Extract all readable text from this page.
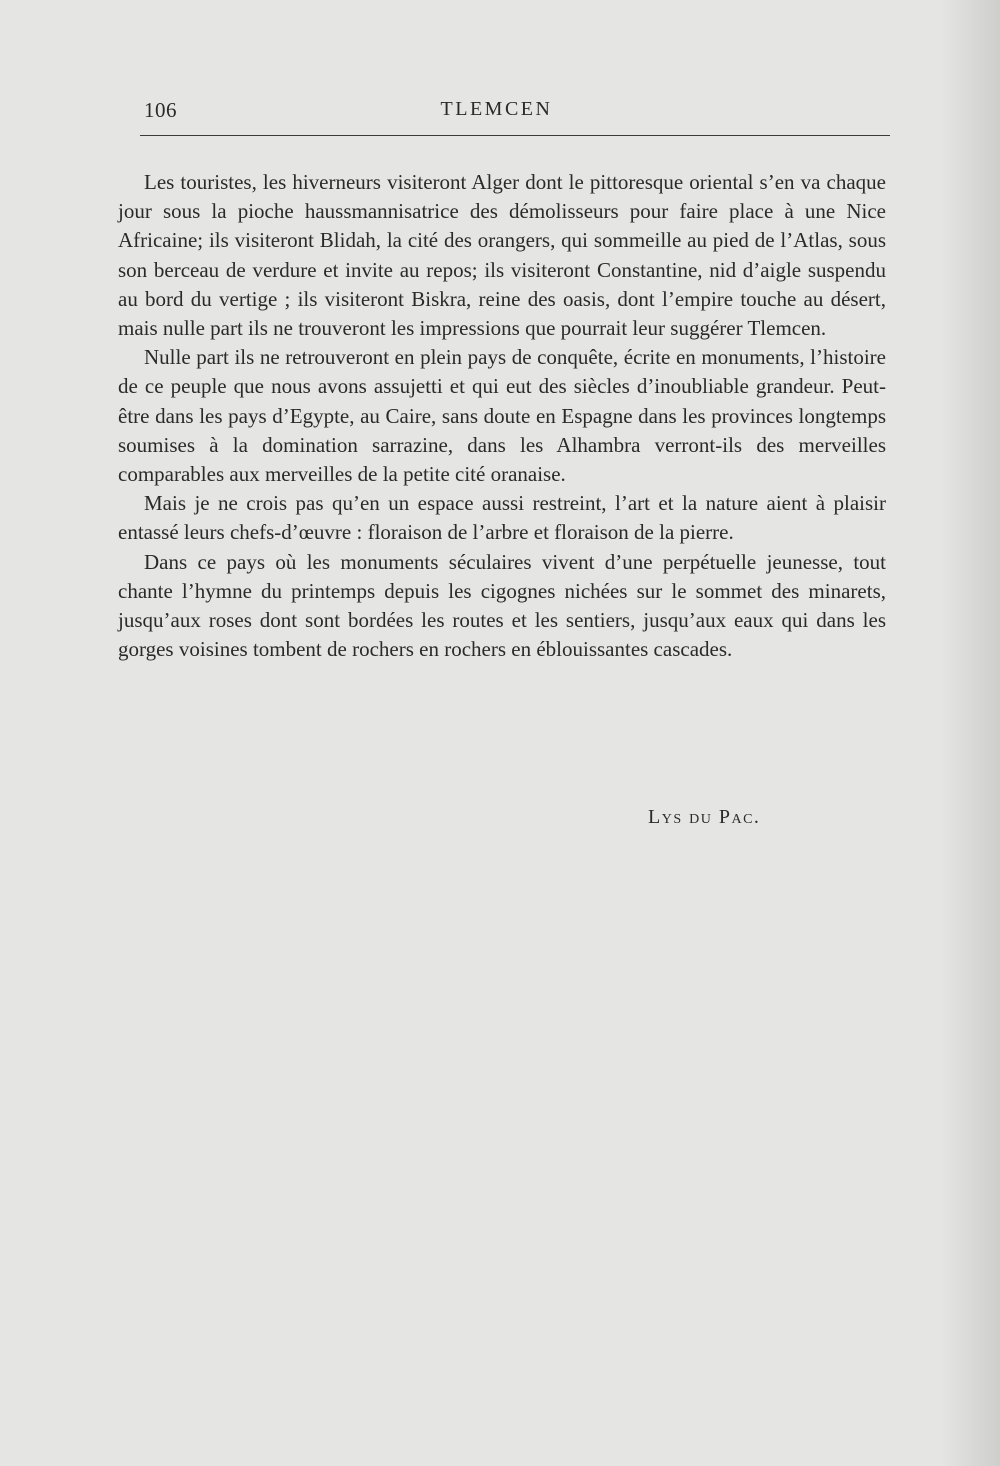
106	TLEMCEN

Les touristes, les hiverneurs visiteront Alger dont le pittoresque oriental s’en va chaque jour sous la pioche haussmannisatrice des démolisseurs pour faire place à une Nice Africaine; ils visiteront Blidah, la cité des orangers, qui sommeille au pied de l’Atlas, sous son berceau de verdure et invite au repos; ils visiteront Constantine, nid d’aigle suspendu au bord du vertige ; ils visiteront Biskra, reine des oasis, dont l’empire touche au désert, mais nulle part ils ne trouveront les impressions que pourrait leur suggérer Tlemcen.

Nulle part ils ne retrouveront en plein pays de conquête, écrite en monuments, l’histoire de ce peuple que nous avons assujetti et qui eut des siècles d’inoubliable grandeur. Peut-être dans les pays d’Egypte, au Caire, sans doute en Espagne dans les provinces longtemps soumises à la domination sarrazine, dans les Alhambra verront-ils des merveilles comparables aux merveilles de la petite cité oranaise.

Mais je ne crois pas qu’en un espace aussi restreint, l’art et la nature aient à plaisir entassé leurs chefs-d’œuvre : floraison de l’arbre et floraison de la pierre.

Dans ce pays où les monuments séculaires vivent d’une perpétuelle jeunesse, tout chante l’hymne du printemps depuis les cigognes nichées sur le sommet des minarets, jusqu’aux roses dont sont bordées les routes et les sentiers, jusqu’aux eaux qui dans les gorges voisines tombent de rochers en rochers en éblouissantes cascades.

Lys du Pac.
